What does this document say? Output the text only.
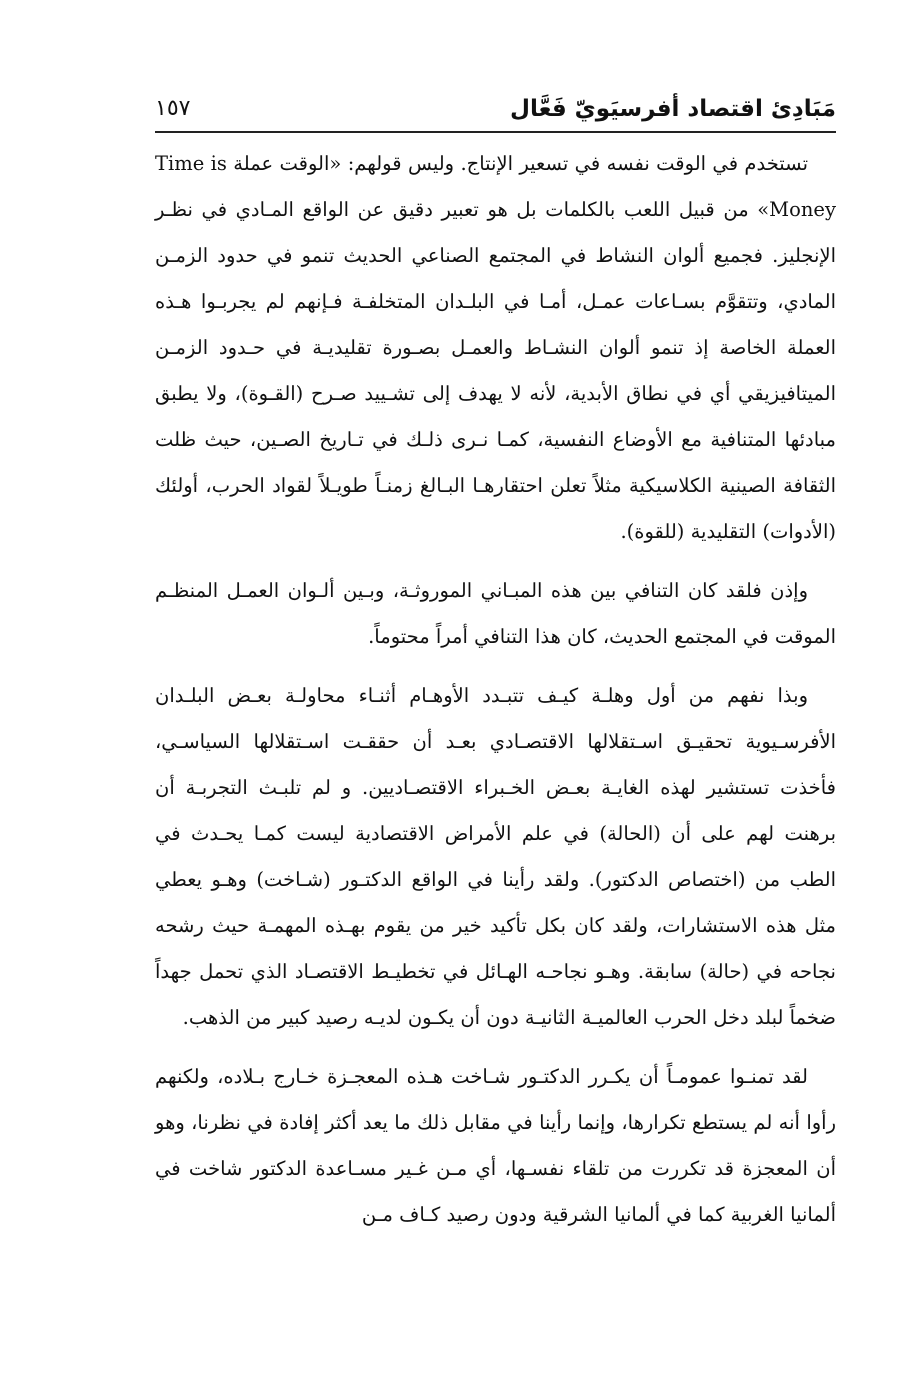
مَبَادِئ اقتصاد أفرسيَويّ فَعَّال
١٥٧

تستخدم في الوقت نفسه في تسعير الإنتاج. وليس قولهم: «الوقت عملة Time is Money» من قبيل اللعب بالكلمات بل هو تعبير دقيق عن الواقع المـادي في نظـر الإنجليز. فجميع ألوان النشاط في المجتمع الصناعي الحديث تنمو في حدود الزمـن المادي، وتتقوَّم بسـاعات عمـل، أمـا في البلـدان المتخلفـة فـإنهم لم يجربـوا هـذه العملة الخاصة إذ تنمو ألوان النشـاط والعمـل بصـورة تقليديـة في حـدود الزمـن الميتافيزيقي أي في نطاق الأبدية، لأنه لا يهدف إلى تشـييد صـرح (القـوة)، ولا يطبق مبادئها المتنافية مع الأوضاع النفسية، كمـا نـرى ذلـك في تـاريخ الصـين، حيث ظلت الثقافة الصينية الكلاسيكية مثلاً تعلن احتقارهـا البـالغ زمنـاً طويـلاً لقواد الحرب، أولئك (الأدوات) التقليدية (للقوة).

وإذن فلقد كان التنافي بين هذه المبـاني الموروثـة، وبـين ألـوان العمـل المنظـم الموقت في المجتمع الحديث، كان هذا التنافي أمراً محتوماً.

وبذا نفهم من أول وهلـة كيـف تتبـدد الأوهـام أثنـاء محاولـة بعـض البلـدان الأفرسـيوية تحقيـق اسـتقلالها الاقتصـادي بعـد أن حققـت اسـتقلالها السياسـي، فأخذت تستشير لهذه الغايـة بعـض الخـبراء الاقتصـاديين. و لم تلبـث التجربـة أن برهنت لهم على أن (الحالة) في علم الأمراض الاقتصادية ليست كمـا يحـدث في الطب من (اختصاص الدكتور). ولقد رأينا في الواقع الدكتـور (شـاخت) وهـو يعطي مثل هذه الاستشارات، ولقد كان بكل تأكيد خير من يقوم بهـذه المهمـة حيث رشحه نجاحه في (حالة) سابقة. وهـو نجاحـه الهـائل في تخطيـط الاقتصـاد الذي تحمل جهداً ضخماً لبلد دخل الحرب العالميـة الثانيـة دون أن يكـون لديـه رصيد كبير من الذهب.

لقد تمنـوا عمومـاً أن يكـرر الدكتـور شـاخت هـذه المعجـزة خـارج بـلاده، ولكنهم رأوا أنه لم يستطع تكرارها، وإنما رأينا في مقابل ذلك ما يعد أكثر إفادة في نظرنا، وهو أن المعجزة قد تكررت من تلقاء نفسـها، أي مـن غـير مسـاعدة الدكتور شاخت في ألمانيا الغربية كما في ألمانيا الشرقية ودون رصيد كـاف مـن
